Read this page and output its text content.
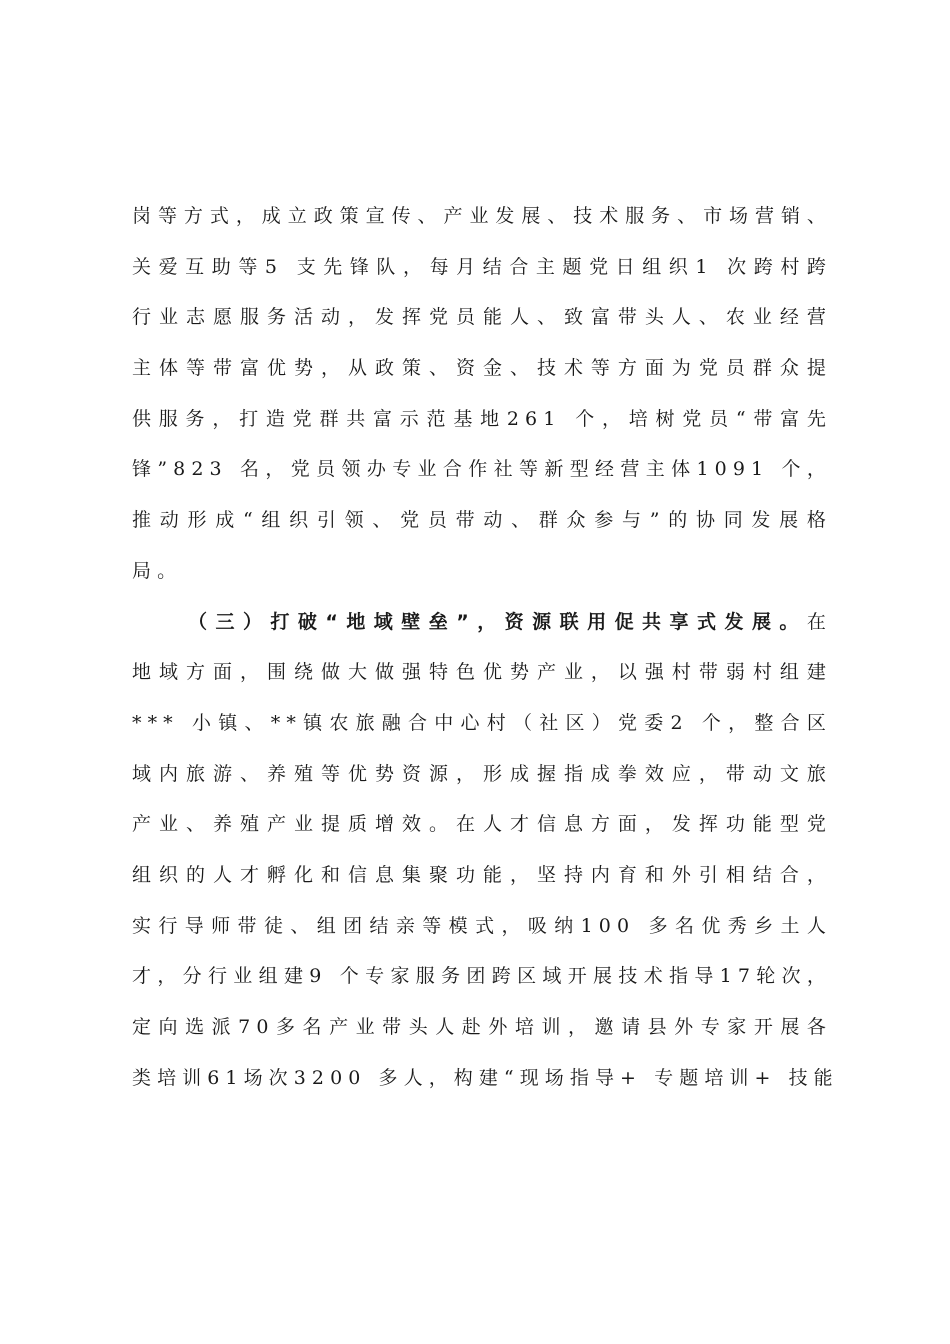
岗等方式，成立政策宣传、产业发展、技术服务、市场营销、
关爱互助等5 支先锋队，每月结合主题党日组织1 次跨村跨
行业志愿服务活动，发挥党员能人、致富带头人、农业经营
主体等带富优势，从政策、资金、技术等方面为党员群众提
供服务，打造党群共富示范基地261 个，培树党员“带富先
锋”823 名，党员领办专业合作社等新型经营主体1091 个，
推动形成“组织引领、党员带动、群众参与”的协同发展格
局。
（三）打破“地域壁垒”，资源联用促共享式发展。在
地域方面，围绕做大做强特色优势产业，以强村带弱村组建
*** 小镇、**镇农旅融合中心村（社区）党委2 个，整合区
域内旅游、养殖等优势资源，形成握指成拳效应，带动文旅
产业、养殖产业提质增效。在人才信息方面，发挥功能型党
组织的人才孵化和信息集聚功能，坚持内育和外引相结合，
实行导师带徒、组团结亲等模式，吸纳100 多名优秀乡土人
才，分行业组建9 个专家服务团跨区域开展技术指导17轮次，
定向选派70多名产业带头人赴外培训，邀请县外专家开展各
类培训61场次3200 多人，构建“现场指导+ 专题培训+ 技能
